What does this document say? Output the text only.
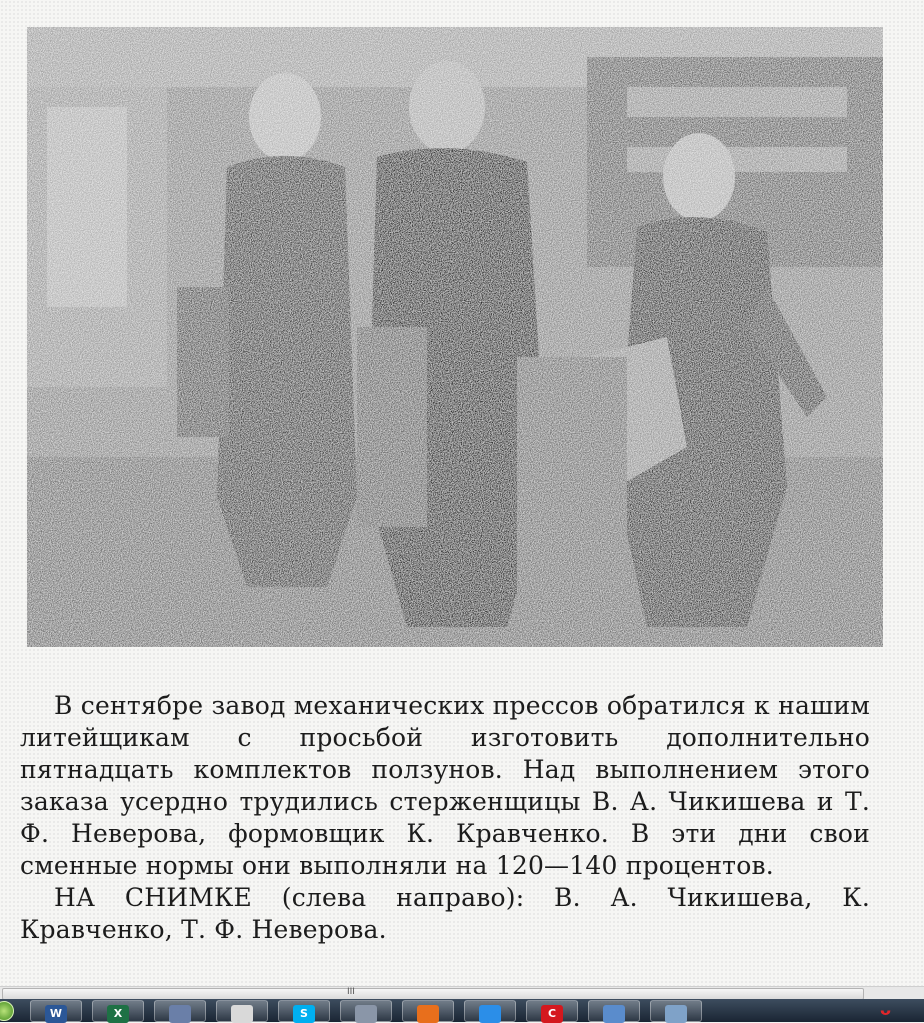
В сентябре завод механических прессов обратился к нашим литейщикам с просьбой изготовить дополнительно пятнадцать комплектов ползунов. Над выполнением этого заказа усердно трудились стерженщицы В. А. Чикишева и Т. Ф. Неверова, формовщик К. Кравченко. В эти дни свои сменные нормы они выполняли на 120—140 процентов.

НА СНИМКЕ (слева направо): В. А. Чикишева, К. Кравченко, Т. Ф. Неверова.

III
W	X	S	C	ᴗ
